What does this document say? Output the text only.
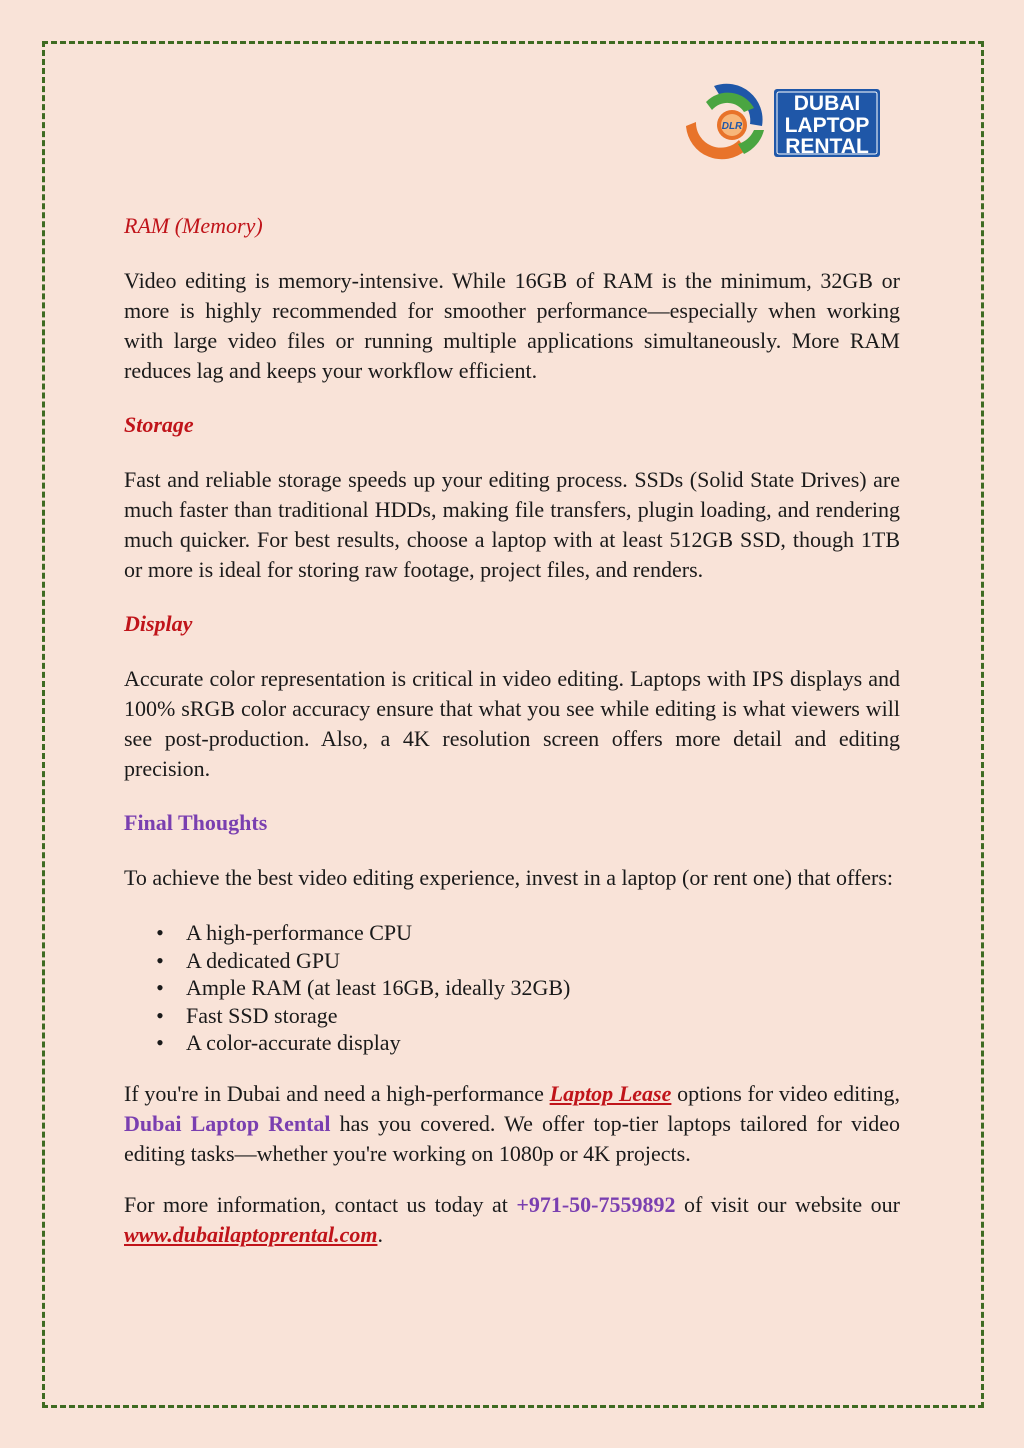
DLR
DUBAI
LAPTOP
RENTAL
RAM (Memory)

Video editing is memory-intensive. While 16GB of RAM is the minimum, 32GB or more is highly recommended for smoother performance—especially when working with large video files or running multiple applications simultaneously. More RAM reduces lag and keeps your workflow efficient.

Storage

Fast and reliable storage speeds up your editing process. SSDs (Solid State Drives) are much faster than traditional HDDs, making file transfers, plugin loading, and rendering much quicker. For best results, choose a laptop with at least 512GB SSD, though 1TB or more is ideal for storing raw footage, project files, and renders.

Display

Accurate color representation is critical in video editing. Laptops with IPS displays and 100% sRGB color accuracy ensure that what you see while editing is what viewers will see post-production. Also, a 4K resolution screen offers more detail and editing precision.

Final Thoughts

To achieve the best video editing experience, invest in a laptop (or rent one) that offers:

• A high-performance CPU
• A dedicated GPU
• Ample RAM (at least 16GB, ideally 32GB)
• Fast SSD storage
• A color-accurate display

If you're in Dubai and need a high-performance Laptop Lease options for video editing, Dubai Laptop Rental has you covered. We offer top-tier laptops tailored for video editing tasks—whether you're working on 1080p or 4K projects.

For more information, contact us today at +971-50-7559892 of visit our website our www.dubailaptoprental.com.
